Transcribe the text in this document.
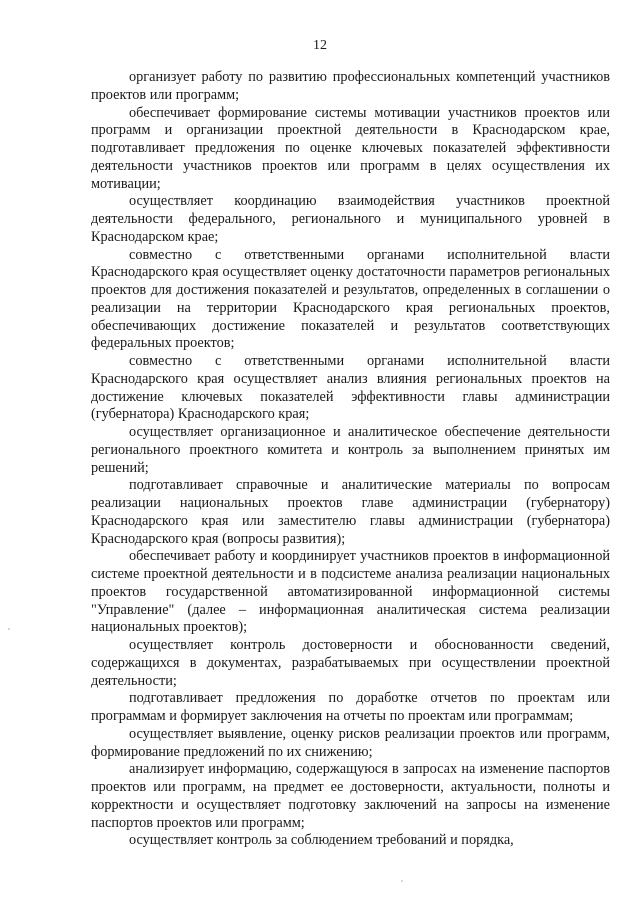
12

организует работу по развитию профессиональных компетенций участников проектов или программ;

обеспечивает формирование системы мотивации участников проектов или программ и организации проектной деятельности в Краснодарском крае, подготавливает предложения по оценке ключевых показателей эффективности деятельности участников проектов или программ в целях осуществления их мотивации;

осуществляет координацию взаимодействия участников проектной деятельности федерального, регионального и муниципального уровней в Краснодарском крае;

совместно с ответственными органами исполнительной власти Краснодарского края осуществляет оценку достаточности параметров региональных проектов для достижения показателей и результатов, определенных в соглашении о реализации на территории Краснодарского края региональных проектов, обеспечивающих достижение показателей и результатов соответствующих федеральных проектов;

совместно с ответственными органами исполнительной власти Краснодарского края осуществляет анализ влияния региональных проектов на достижение ключевых показателей эффективности главы администрации (губернатора) Краснодарского края;

осуществляет организационное и аналитическое обеспечение деятельности регионального проектного комитета и контроль за выполнением принятых им решений;

подготавливает справочные и аналитические материалы по вопросам реализации национальных проектов главе администрации (губернатору) Краснодарского края или заместителю главы администрации (губернатора) Краснодарского края (вопросы развития);

обеспечивает работу и координирует участников проектов в информационной системе проектной деятельности и в подсистеме анализа реализации национальных проектов государственной автоматизированной информационной системы "Управление" (далее – информационная аналитическая система реализации национальных проектов);

осуществляет контроль достоверности и обоснованности сведений, содержащихся в документах, разрабатываемых при осуществлении проектной деятельности;

подготавливает предложения по доработке отчетов по проектам или программам и формирует заключения на отчеты по проектам или программам;

осуществляет выявление, оценку рисков реализации проектов или программ, формирование предложений по их снижению;

анализирует информацию, содержащуюся в запросах на изменение паспортов проектов или программ, на предмет ее достоверности, актуальности, полноты и корректности и осуществляет подготовку заключений на запросы на изменение паспортов проектов или программ;

осуществляет контроль за соблюдением требований и порядка,
